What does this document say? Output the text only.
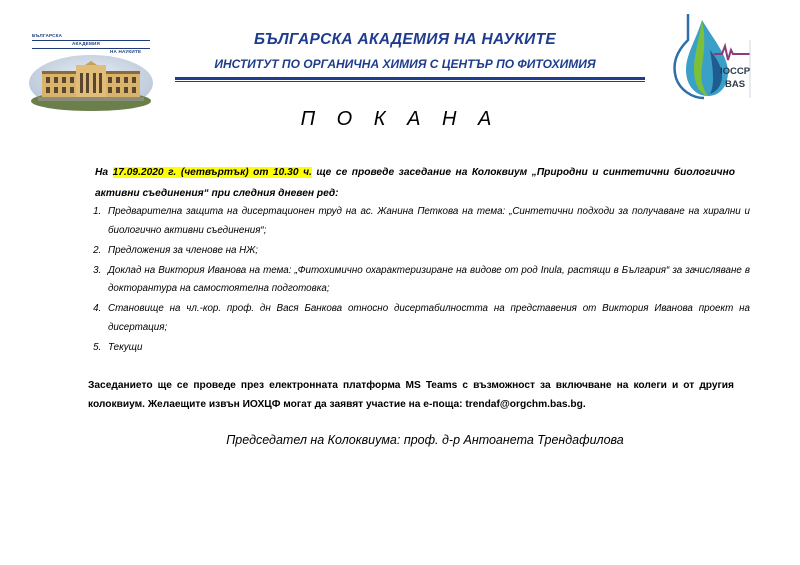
БЪЛГАРСКА
АКАДЕМИЯ
НА НАУКИТЕ
БЪЛГАРСКА АКАДЕМИЯ НА НАУКИТЕ
ИНСТИТУТ ПО ОРГАНИЧНА ХИМИЯ С ЦЕНТЪР ПО ФИТОХИМИЯ
IOCCP
BAS
П О К А Н А
На 17.09.2020 г. (четвъртък) от 10.30 ч. ще се проведе заседание на Колоквиум „Природни и синтетични биологично активни съединения“ при следния дневен ред:
1. Предварителна защита на дисертационен труд на ас. Жанина Петкова на тема: „Синтетични подходи за получаване на хирални и биологично активни съединения“;
2. Предложения за членове на НЖ;
3. Доклад на Виктория Иванова на тема: „Фитохимично охарактеризиране на видове от род Inula, растящи в България“ за зачисляване в докторантура на самостоятелна подготовка;
4. Становище на чл.-кор. проф. дн Вася Банкова относно дисертабилността на представения от Виктория Иванова проект на дисертация;
5. Текущи
Заседанието ще се проведе през електронната платформа MS Teams с възможност за включване на колеги и от другия колоквиум. Желаещите извън ИОХЦФ могат да заявят участие на е-поща: trendaf@orgchm.bas.bg.
Председател на Колоквиума: проф. д-р Антоанета Трендафилова
